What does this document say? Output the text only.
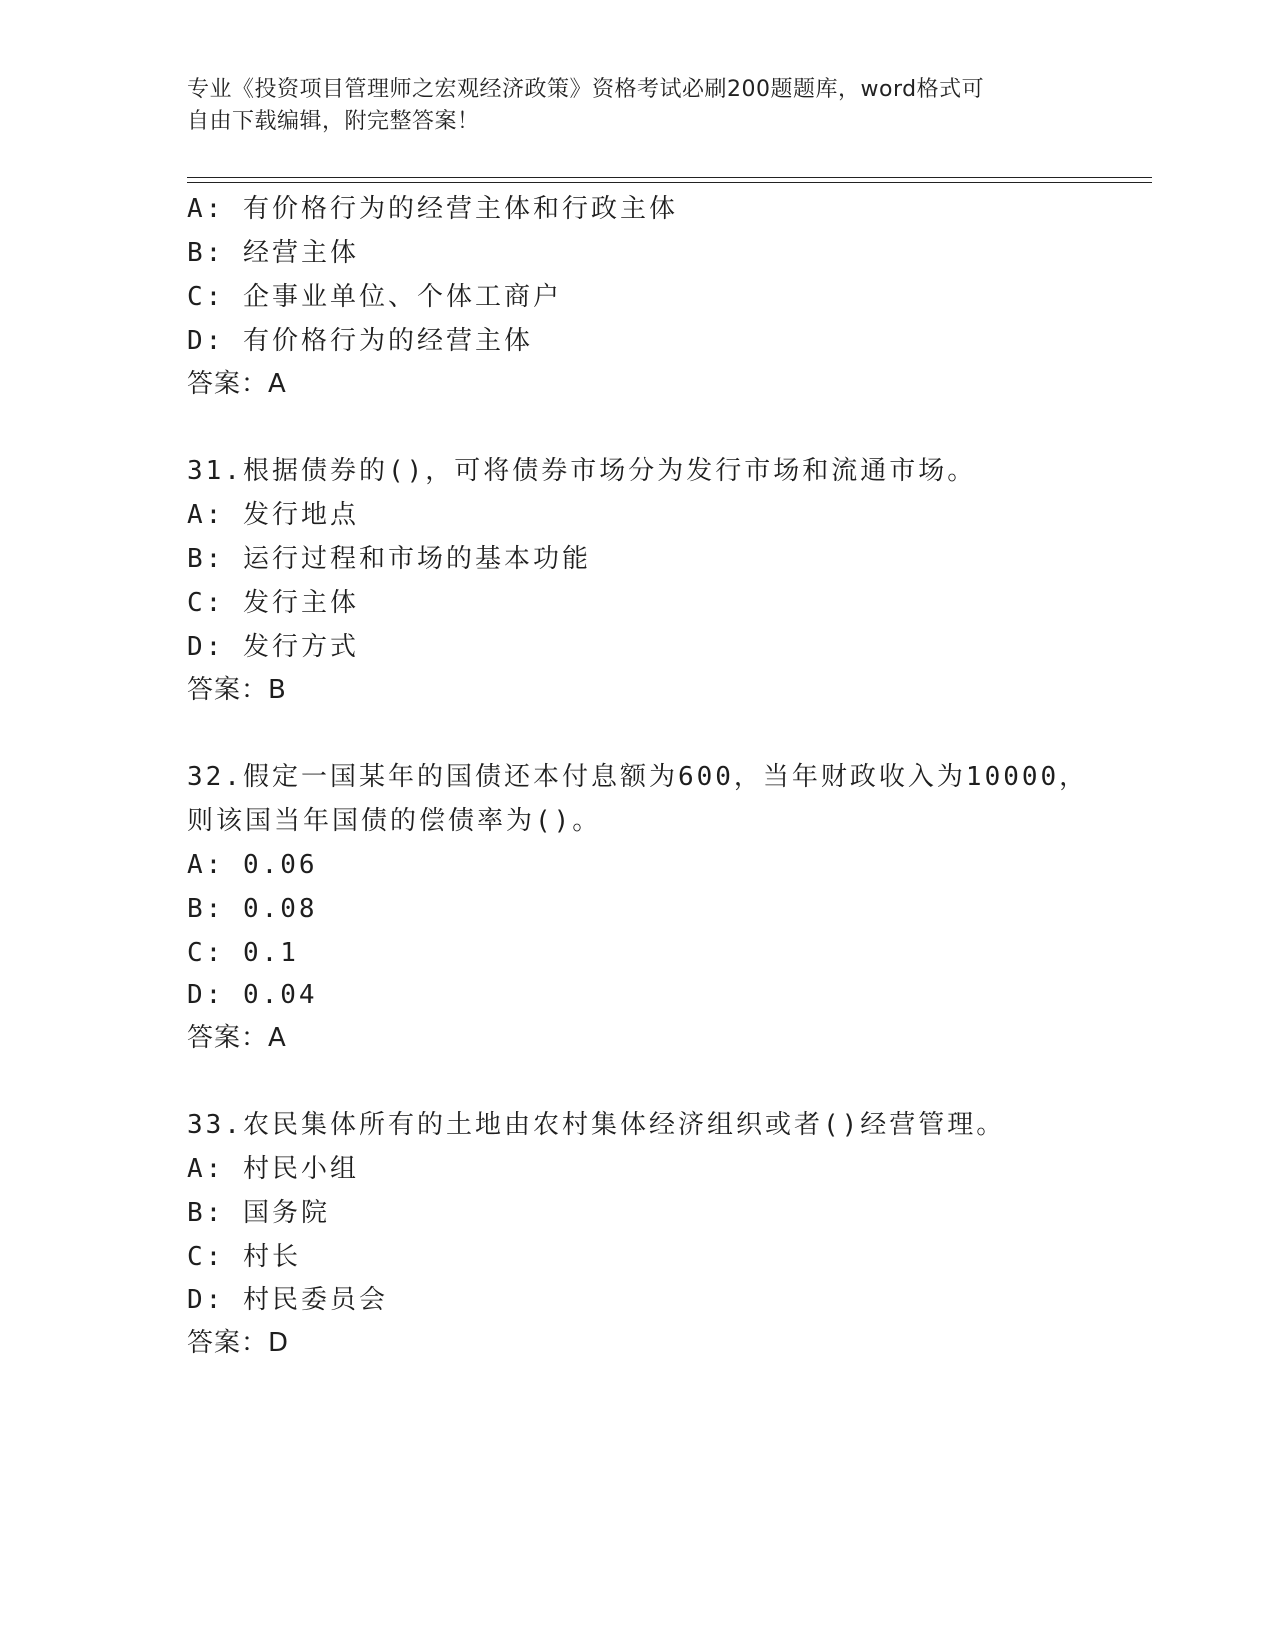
专业《投资项目管理师之宏观经济政策》资格考试必刷200题题库，word格式可
自由下载编辑，附完整答案！
A: 有价格行为的经营主体和行政主体
B: 经营主体
C: 企事业单位、个体工商户
D: 有价格行为的经营主体
答案：A
31.根据债券的()，可将债券市场分为发行市场和流通市场。
A: 发行地点
B: 运行过程和市场的基本功能
C: 发行主体
D: 发行方式
答案：B
32.假定一国某年的国债还本付息额为600，当年财政收入为10000，
则该国当年国债的偿债率为()。
A: 0.06
B: 0.08
C: 0.1
D: 0.04
答案：A
33.农民集体所有的土地由农村集体经济组织或者()经营管理。
A: 村民小组
B: 国务院
C: 村长
D: 村民委员会
答案：D
